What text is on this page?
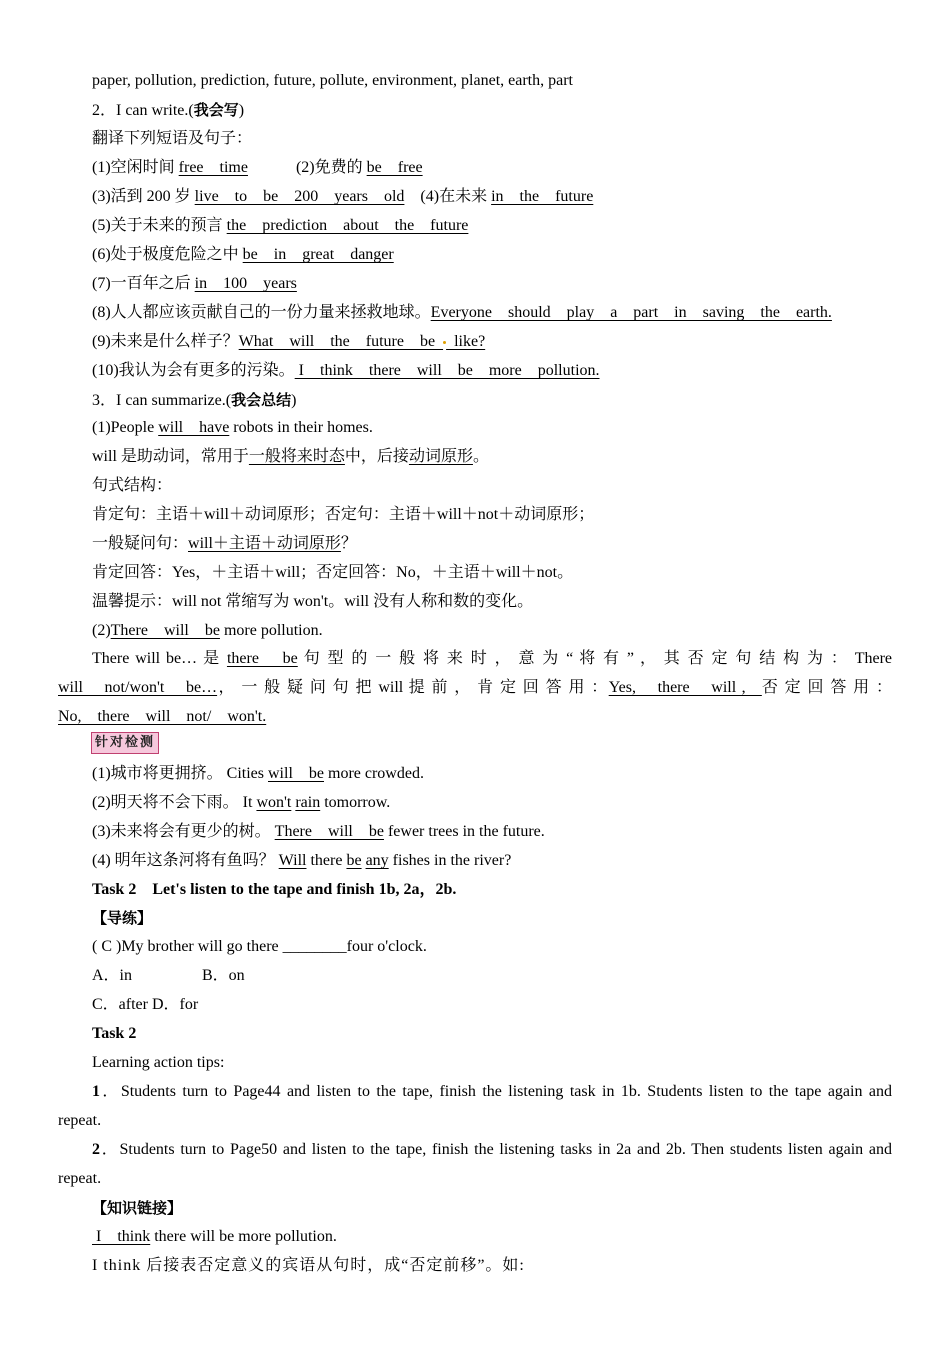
paper, pollution, prediction, future, pollute, environment, planet, earth, part
2．I can write.(我会写)
翻译下列短语及句子：
(1)空闲时间 free    time	(2)免费的 be    free
(3)活到 200 岁 live    to    be    200    years    old (4)在未来 in    the    future
(5)关于未来的预言 the    prediction    about    the    future
(6)处于极度危险之中 be    in    great    danger
(7)一百年之后 in    100    years
(8)人人都应该贡献自己的一份力量来拯救地球。Everyone    should    play    a    part    in    saving    the    earth.
(9)未来是什么样子？What    will    the    future    be    like?
(10)我认为会有更多的污染。 I    think    there    will    be    more    pollution.
3．I can summarize.(我会总结)
(1)People will    have robots in their homes.
will 是助动词，常用于一般将来时态中，后接动词原形。
句式结构：
肯定句：主语＋will＋动词原形；否定句：主语＋will＋not＋动词原形；
一般疑问句：will＋主语＋动词原形？
肯定回答：Yes，＋主语＋will；否定回答：No，＋主语＋will＋not。
温馨提示：will not 常缩写为 won't。will 没有人称和数的变化。
(2)There    will    be more pollution.
There will be… 是 there    be 句 型 的 一 般 将 来 时 ， 意 为 “ 将 有 ” ， 其 否 定 句 结 构 为 ： There
will    not/won't    be…， 一 般 疑 问 句 把 will 提 前 ， 肯 定 回 答 用 ：Yes,    there    will ,   否 定 回 答 用 ：
No,    there    will    not/    won't.
针对检测
(1)城市将更拥挤。 Cities will    be more crowded.
(2)明天将不会下雨。 It won't rain tomorrow.
(3)未来将会有更少的树。 There    will    be fewer trees in the future.
(4) 明年这条河将有鱼吗？ Will there be any fishes in the river?
Task 2　Let's listen to the tape and finish 1b, 2a，2b.
【导练】
( C )My brother will go there ________four o'clock.
A．in	B．on
C．after D．for
Task 2
Learning action tips:
1．Students turn to Page44 and listen to the tape, finish the listening task in 1b. Students listen to the tape again and
repeat.
2．Students turn to Page50 and listen to the tape, finish the listening tasks in 2a and 2b. Then students listen again and
repeat.
【知识链接】
I    think there will be more pollution.
I think 后接表否定意义的宾语从句时，成“否定前移”。如:
